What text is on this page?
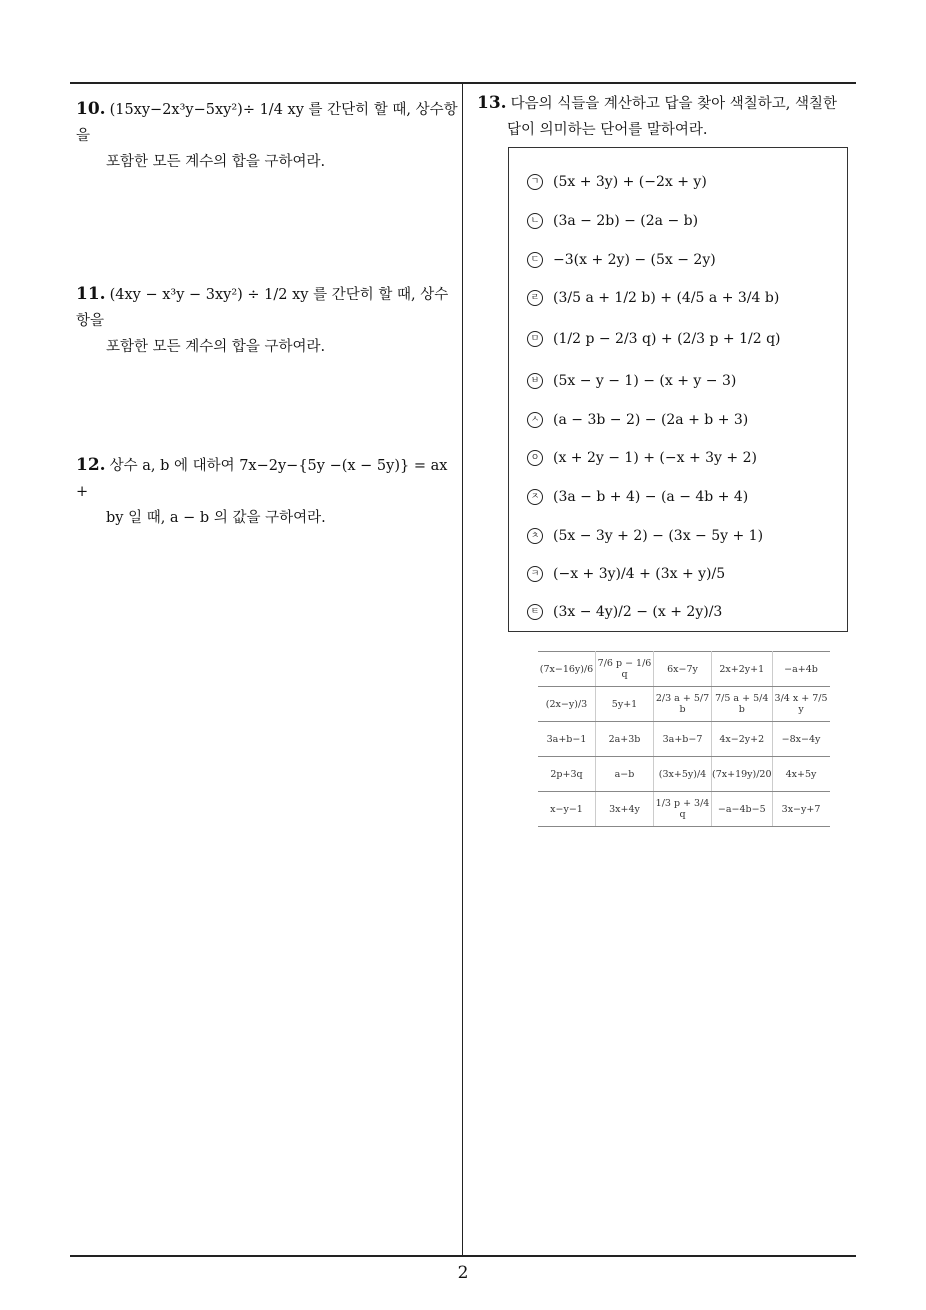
10. (15xy−2x³y−5xy²)÷ 1/4 xy 를 간단히 할 때, 상수항을
포함한 모든 계수의 합을 구하여라.
11. (4xy − x³y − 3xy²) ÷ 1/2 xy 를 간단히 할 때, 상수항을
포함한 모든 계수의 합을 구하여라.
12. 상수 a, b 에 대하여 7x−2y−{5y −(x − 5y)} = ax +
by 일 때, a − b 의 값을 구하여라.
13. 다음의 식들을 계산하고 답을 찾아 색칠하고, 색칠한
답이 의미하는 단어를 말하여라.
ㄱ (5x + 3y) + (−2x + y)
ㄴ (3a − 2b) − (2a − b)
ㄷ −3(x + 2y) − (5x − 2y)
ㄹ (3/5 a + 1/2 b) + (4/5 a + 3/4 b)
ㅁ (1/2 p − 2/3 q) + (2/3 p + 1/2 q)
ㅂ (5x − y − 1) − (x + y − 3)
ㅅ (a − 3b − 2) − (2a + b + 3)
ㅇ (x + 2y − 1) + (−x + 3y + 2)
ㅈ (3a − b + 4) − (a − 4b + 4)
ㅊ (5x − 3y + 2) − (3x − 5y + 1)
ㅋ (−x + 3y)/4 + (3x + y)/5
ㅌ (3x − 4y)/2 − (x + 2y)/3
(7x−16y)/6	7/6 p − 1/6 q	6x−7y	2x+2y+1	−a+4b
(2x−y)/3	5y+1	2/3 a + 5/7 b	7/5 a + 5/4 b	3/4 x + 7/5 y
3a+b−1	2a+3b	3a+b−7	4x−2y+2	−8x−4y
2p+3q	a−b	(3x+5y)/4	(7x+19y)/20	4x+5y
x−y−1	3x+4y	1/3 p + 3/4 q	−a−4b−5	3x−y+7
2
